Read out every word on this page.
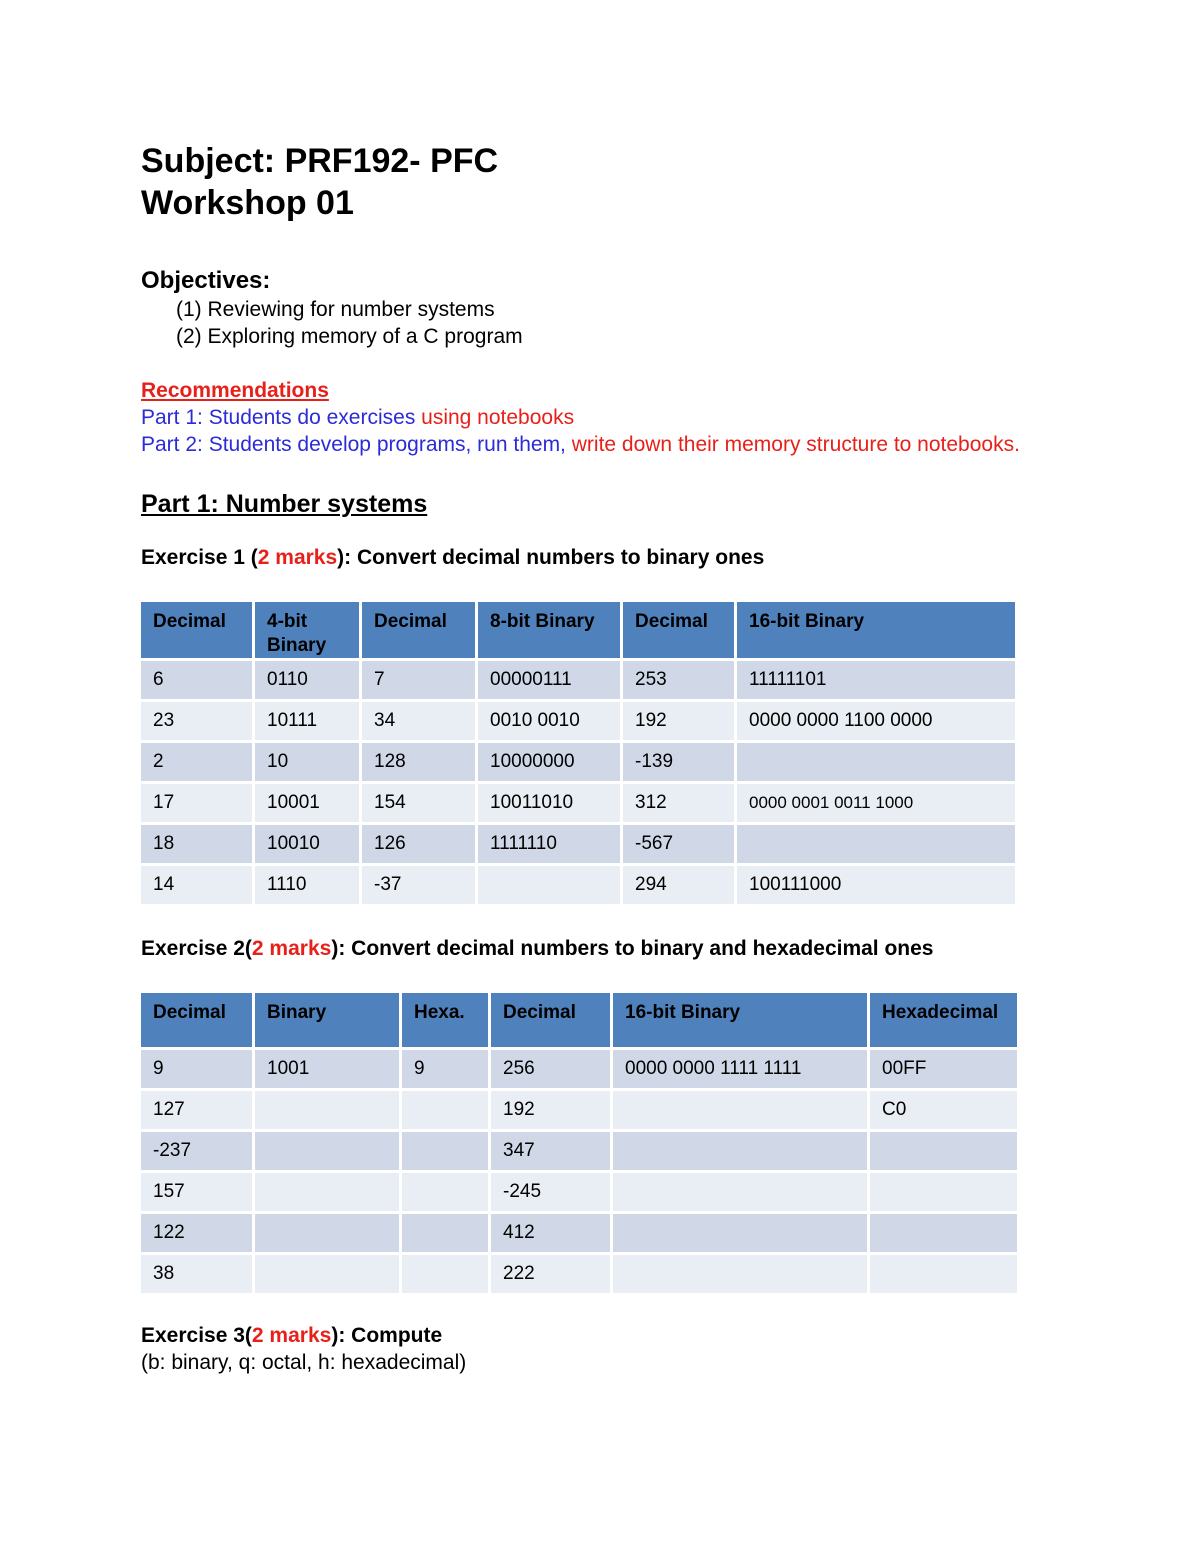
Subject: PRF192- PFC

Workshop 01

Objectives:

(1) Reviewing for number systems
(2) Exploring memory of a C program

Recommendations

Part 1: Students do exercises using notebooks

Part 2: Students develop programs, run them, write down their memory structure to notebooks.

Part 1: Number systems

Exercise 1 (2 marks): Convert decimal numbers to binary ones

Decimal	4-bit Binary	Decimal	8-bit Binary	Decimal	16-bit Binary
6	0110	7	00000111	253	11111101
23	10111	34	0010 0010	192	0000 0000 1100 0000
2	10	128	10000000	-139	
17	10001	154	10011010	312	0000 0001 0011 1000
18	10010	126	1111110	-567	
14	1110	-37		294	100111000

Exercise 2(2 marks): Convert decimal numbers to binary and hexadecimal ones

Decimal	Binary	Hexa.	Decimal	16-bit Binary	Hexadecimal
9	1001	9	256	0000 0000 1111 1111	00FF
127			192		C0
-237			347		
157			-245		
122			412		
38			222		

Exercise 3(2 marks): Compute

(b: binary, q: octal, h: hexadecimal)
